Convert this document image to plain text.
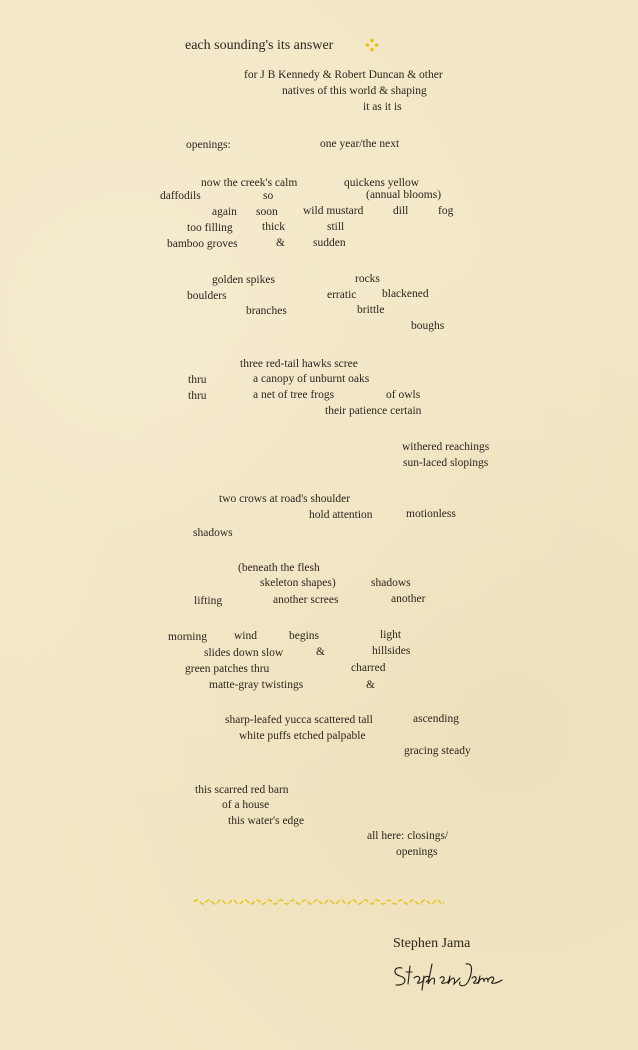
each sounding's its answer
for J B Kennedy & Robert Duncan & other
natives of this world & shaping
it as it is
openings:	one year/the next
now the creek's calm	quickens yellow
daffodils	so	(annual blooms)
again soon wild mustard	dill	fog
too filling	thick	still
bamboo groves	& sudden
golden spikes	rocks
boulders	erratic blackened
branches	brittle
boughs
three red-tail hawks scree
thru	a canopy of unburnt oaks
thru	a net of tree frogs	of owls
their patience certain
withered reachings
sun-laced slopings
two crows at road's shoulder
hold attention	motionless
shadows
(beneath the flesh
skeleton shapes)	shadows
lifting	another screes	another
morning wind	begins	light
slides down slow	&	hillsides
green patches thru	charred
matte-gray twistings	&
sharp-leafed yucca scattered tall	ascending
white puffs etched palpable
gracing steady
this scarred red barn
of a house
this water's edge
all here: closings/
openings
Stephen Jama
